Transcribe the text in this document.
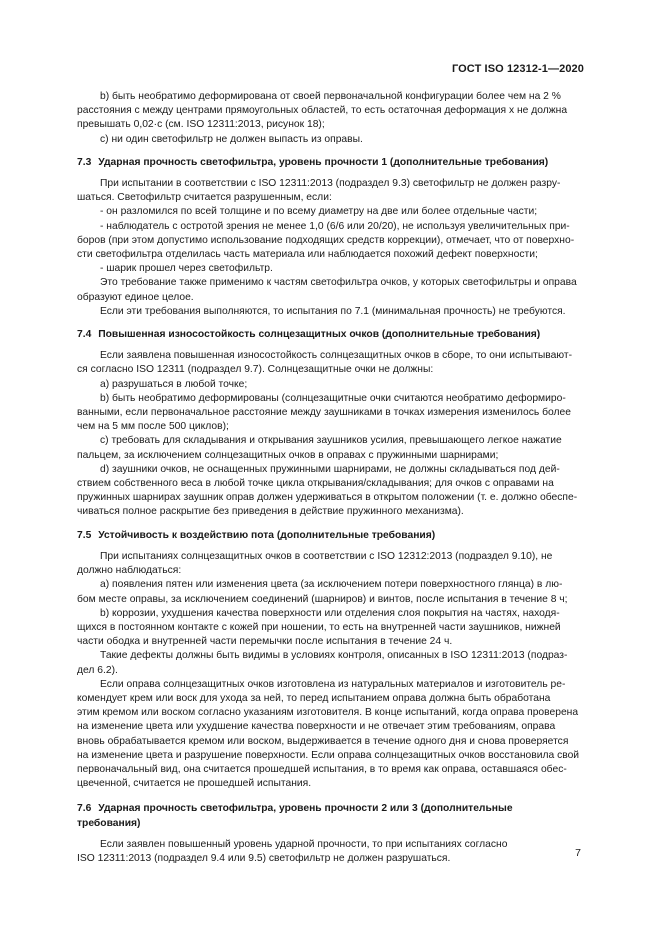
ГОСТ ISO 12312-1—2020
b) быть необратимо деформирована от своей первоначальной конфигурации более чем на 2 %
расстояния с между центрами прямоугольных областей, то есть остаточная деформация x не должна
превышать 0,02·c (см. ISO 12311:2013, рисунок 18);
c) ни один светофильтр не должен выпасть из оправы.
7.3 Ударная прочность светофильтра, уровень прочности 1 (дополнительные требования)
При испытании в соответствии с ISO 12311:2013 (подраздел 9.3) светофильтр не должен разру-
шаться. Светофильтр считается разрушенным, если:
- он разломился по всей толщине и по всему диаметру на две или более отдельные части;
- наблюдатель с остротой зрения не менее 1,0 (6/6 или 20/20), не используя увеличительных при-
боров (при этом допустимо использование подходящих средств коррекции), отмечает, что от поверхно-
сти светофильтра отделилась часть материала или наблюдается похожий дефект поверхности;
- шарик прошел через светофильтр.
Это требование также применимо к частям светофильтра очков, у которых светофильтры и оправа
образуют единое целое.
Если эти требования выполняются, то испытания по 7.1 (минимальная прочность) не требуются.
7.4 Повышенная износостойкость солнцезащитных очков (дополнительные требования)
Если заявлена повышенная износостойкость солнцезащитных очков в сборе, то они испытывают-
ся согласно ISO 12311 (подраздел 9.7). Солнцезащитные очки не должны:
a) разрушаться в любой точке;
b) быть необратимо деформированы (солнцезащитные очки считаются необратимо деформиро-
ванными, если первоначальное расстояние между заушниками в точках измерения изменилось более
чем на 5 мм после 500 циклов);
c) требовать для складывания и открывания заушников усилия, превышающего легкое нажатие
пальцем, за исключением солнцезащитных очков в оправах с пружинными шарнирами;
d) заушники очков, не оснащенных пружинными шарнирами, не должны складываться под дей-
ствием собственного веса в любой точке цикла открывания/складывания; для очков с оправами на
пружинных шарнирах заушник оправ должен удерживаться в открытом положении (т. е. должно обеспе-
чиваться полное раскрытие без приведения в действие пружинного механизма).
7.5 Устойчивость к воздействию пота (дополнительные требования)
При испытаниях солнцезащитных очков в соответствии с ISO 12312:2013 (подраздел 9.10), не
должно наблюдаться:
a) появления пятен или изменения цвета (за исключением потери поверхностного глянца) в лю-
бом месте оправы, за исключением соединений (шарниров) и винтов, после испытания в течение 8 ч;
b) коррозии, ухудшения качества поверхности или отделения слоя покрытия на частях, находя-
щихся в постоянном контакте с кожей при ношении, то есть на внутренней части заушников, нижней
части ободка и внутренней части перемычки после испытания в течение 24 ч.
Такие дефекты должны быть видимы в условиях контроля, описанных в ISO 12311:2013 (подраз-
дел 6.2).
Если оправа солнцезащитных очков изготовлена из натуральных материалов и изготовитель ре-
комендует крем или воск для ухода за ней, то перед испытанием оправа должна быть обработана
этим кремом или воском согласно указаниям изготовителя. В конце испытаний, когда оправа проверена
на изменение цвета или ухудшение качества поверхности и не отвечает этим требованиям, оправа
вновь обрабатывается кремом или воском, выдерживается в течение одного дня и снова проверяется
на изменение цвета и разрушение поверхности. Если оправа солнцезащитных очков восстановила свой
первоначальный вид, она считается прошедшей испытания, в то время как оправа, оставшаяся обес-
цвеченной, считается не прошедшей испытания.
7.6 Ударная прочность светофильтра, уровень прочности 2 или 3 (дополнительные
требования)
Если заявлен повышенный уровень ударной прочности, то при испытаниях согласно
ISO 12311:2013 (подраздел 9.4 или 9.5) светофильтр не должен разрушаться.	7
